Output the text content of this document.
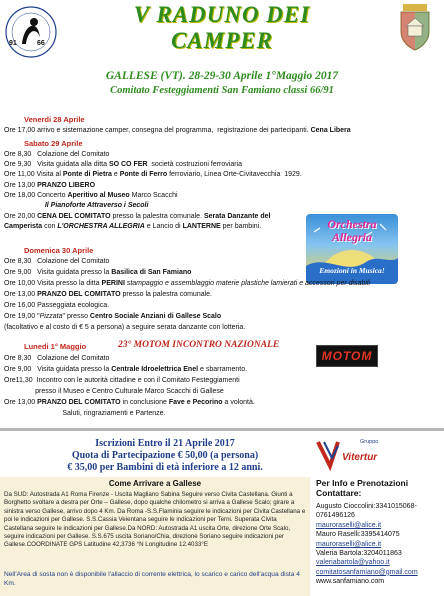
91	66
V RADUNO DEI
CAMPER
GALLESE (VT). 28-29-30 Aprile 1°Maggio 2017
Comitato Festeggiamenti San Famiano classi 66/91
Venerdi 28 Aprile
Ore 17,00 arrivo e sistemazione camper, consegna del programma,  registrazione dei partecipanti. Cena Libera
Sabato 29 Aprile
Ore 8,30   Colazione del Comitato
Ore 9,30   Visita guidata alla ditta SO CO FER  società costruzioni ferroviaria
Ore 11,00 Visita al Ponte di Pietra e Ponte di Ferro ferroviario, Linea Orte-Civitavecchia  1929.
Ore 13,00 PRANZO LIBERO
Ore 18,00 Concerto Aperitivo al Museo Marco Scacchi
Il Pianoforte Attraverso i Secoli
Ore 20,00 CENA DEL COMITATO presso la palestra comunale. Serata Danzante del
Camperista con L'ORCHESTRA ALLEGRIA e Lancio di LANTERNE per bambini.	Orchestra
Allegria
Emozioni in Musica!
Domenica 30 Aprile
Ore 8,30   Colazione del Comitato
Ore 9,00   Visita guidata presso la Basilica di San Famiano
Ore 10,00 Visita presso la ditta PERINI stampaggio e assemblaggio materie plastiche lamierati e accessori per disabili
Ore 13,00 PRANZO DEL COMITATO presso la palestra comunale.
Ore 16,00 Passeggiata ecologica.
Ore 19,00 "Pizzata" presso Centro Sociale Anziani di Gallese Scalo
(facoltativo e al costo di € 5 a persona) a seguire serata danzante con lotteria.
Lunedi 1° Maggio	23° MOTOM INCONTRO NAZIONALE
MOTOM
Ore 8,30   Colazione del Comitato
Ore 9,00   Visita guidata presso la Centrale Idroelettrica Enel e sbarramento.
Ore11,30  Incontro con le autorità cittadine e con il Comitato Festeggiamenti
presso il Museo e Centro Culturale Marco Scacchi di Gallese
Ore 13,00 PRANZO DEL COMITATO in conclusione Fave e Pecorino a volontà.
Saluti, ringraziamenti e Partenze.
Iscrizioni Entro il 21 Aprile 2017
Quota di Partecipazione € 50,00 (a persona)
€ 35,00 per Bambini di età inferiore a 12 anni.
Gruppo
Vitertur
Come Arrivare a Gallese
Da SUD: Autostrada A1 Roma Firenze - Uscita Magliano Sabina Seguire verso Civita Castellana. Giunti a Borghetto svoltare a destra per Orte – Gallese, dopo qualche chilometro si arriva a Gallese Scalo; girare a sinistra verso Gallese, arrivo dopo 4 Km. Da Roma -S.S.Flaminia seguire le indicazioni per Civita Castellana e poi le indicazioni per Gallese. S.S.Cassia Veientana seguire le indicazioni per Terni. Superata Civita Castellana seguire le indicazioni per Gallese.Da NORD: Autostrada A1 uscita Orte, direzione Orte Scalo, seguire indicazioni per Gallese. S.S.675 uscita Soriano/Chia, direzione Soriano seguire indicazioni per Gallese.COORDINATE GPS Latitudine 42,3736 °N Longitudine 12.4033°E
Nell'Area di sosta non è disponibile l'allaccio di corrente elettrica, lo scarico e carico dell'acqua dista 4 Km.
Per Info e Prenotazioni Contattare:
Augusto Cioccolini:3341015068-0761496126
mauroraselli@alice.it
Mauro Raselli:3395414075
mauroraselli@alice.it
Valeria Bartola:3204011863
valeriabartola@yahoo.it
comitatosanfamiano@gmail.com
www.sanfamiano.com
